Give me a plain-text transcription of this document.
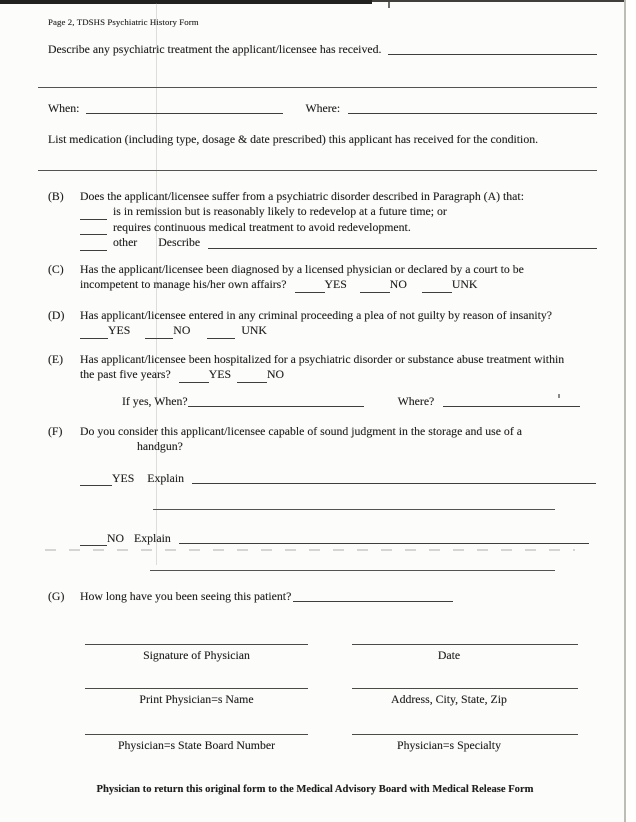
Page 2, TDSHS Psychiatric History Form
Describe any psychiatric treatment the applicant/licensee has received.
When:	Where:
List medication (including type, dosage & date prescribed) this applicant has received for the condition.
(B)	Does the applicant/licensee suffer from a psychiatric disorder described in Paragraph (A) that:
is in remission but is reasonably likely to redevelop at a future time; or
requires continuous medical treatment to avoid redevelopment.
other Describe
(C)	Has the applicant/licensee been diagnosed by a licensed physician or declared by a court to be
incompetent to manage his/her own affairs?	YES	NO	UNK
(D)	Has applicant/licensee entered in any criminal proceeding a plea of not guilty by reason of insanity?
YES	NO	UNK
(E)	Has applicant/licensee been hospitalized for a psychiatric disorder or substance abuse treatment within
the past five years?	YES	NO
If yes, When?	Where?
(F)	Do you consider this applicant/licensee capable of sound judgment in the storage and use of a
handgun?
YES Explain
NO Explain
(G)	How long have you been seeing this patient?
Signature of Physician	Date
Print Physician=s Name	Address, City, State, Zip
Physician=s State Board Number	Physician=s Specialty
Physician to return this original form to the Medical Advisory Board with Medical Release Form
